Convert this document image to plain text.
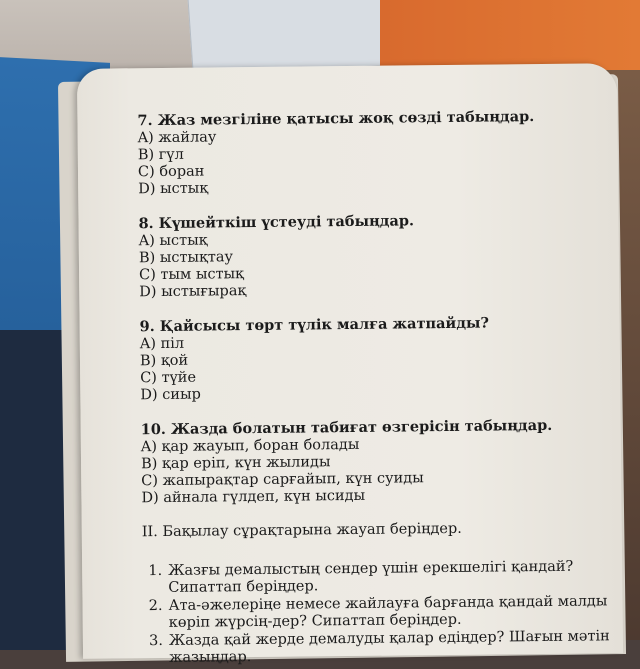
7. Жаз мезгіліне қатысы жоқ сөзді табыңдар.
A) жайлау
B) гүл
C) боран
D) ыстық
8. Күшейткіш үстеуді табыңдар.
A) ыстық
B) ыстықтау
C) тым ыстық
D) ыстығырақ
9. Қайсысы төрт түлік малға жатпайды?
A) піл
B) қой
C) түйе
D) сиыр
10. Жазда болатын табиғат өзгерісін табыңдар.
A) қар жауып, боран болады
B) қар еріп, күн жылиды
C) жапырақтар сарғайып, күн суиды
D) айнала гүлдеп, күн ысиды
II. Бақылау сұрақтарына жауап беріңдер.
1. Жазғы демалыстың сендер үшін ерекшелігі қандай? Сипаттап беріңдер.
2. Ата-әжелеріңе немесе жайлауға барғанда қандай малды көріп жүрсің-дер? Сипаттап беріңдер.
3. Жазда қай жерде демалуды қалар едіңдер? Шағын мәтін жазыңдар.
